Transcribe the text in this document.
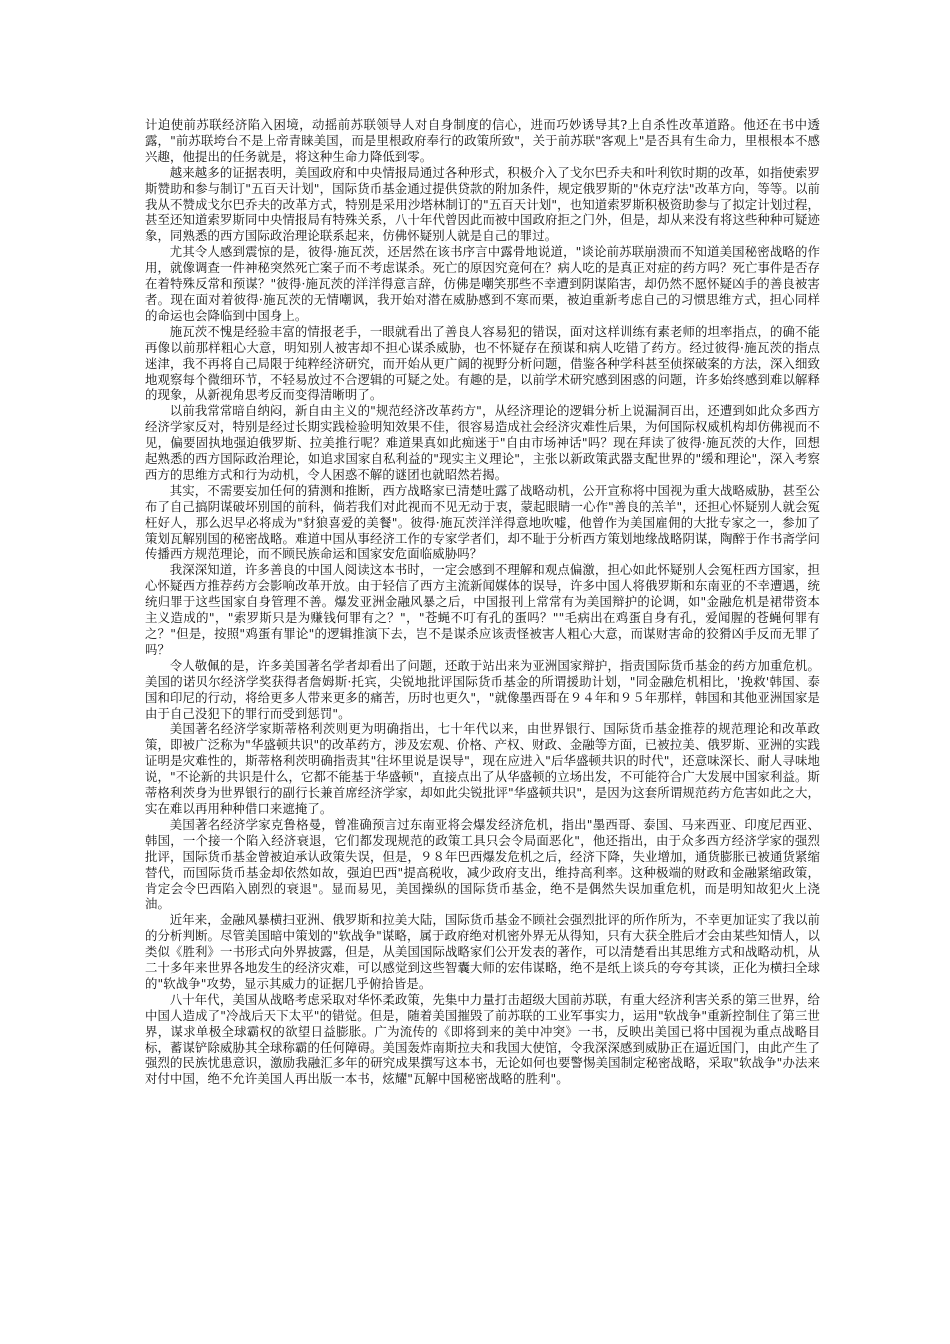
计迫使前苏联经济陷入困境，动摇前苏联领导人对自身制度的信心，进而巧妙诱导其?上自杀性改革道路。他还在书中透露，"前苏联垮台不是上帝青睐美国，而是里根政府奉行的政策所致"，关于前苏联"客观上"是否具有生命力，里根根本不感兴趣，他提出的任务就是，将这种生命力降低到零。

越来越多的证据表明，美国政府和中央情报局通过各种形式，积极介入了戈尔巴乔夫和叶利钦时期的改革，如指使索罗斯赞助和参与制订"五百天计划"，国际货币基金通过提供贷款的附加条件，规定俄罗斯的"休克疗法"改革方向，等等。以前我从不赞成戈尔巴乔夫的改革方式，特别是采用沙塔林制订的"五百天计划"，也知道索罗斯积极资助参与了拟定计划过程，甚至还知道索罗斯同中央情报局有特殊关系，八十年代曾因此而被中国政府拒之门外，但是，却从来没有将这些种种可疑迹象，同熟悉的西方国际政治理论联系起来，仿佛怀疑别人就是自己的罪过。

尤其令人感到震惊的是，彼得·施瓦茨，还居然在该书序言中露骨地说道，"谈论前苏联崩溃而不知道美国秘密战略的作用，就像调查一件神秘突然死亡案子而不考虑谋杀。死亡的原因究竟何在？病人吃的是真正对症的药方吗？死亡事件是否存在着特殊反常和预谋？"彼得·施瓦茨的洋洋得意言辞，仿佛是嘲笑那些不幸遭到阴谋陷害，却仍然不愿怀疑凶手的善良被害者。现在面对着彼得·施瓦茨的无情嘲讽，我开始对潜在威胁感到不寒而栗，被迫重新考虑自己的习惯思维方式，担心同样的命运也会降临到中国身上。

施瓦茨不愧是经验丰富的情报老手，一眼就看出了善良人容易犯的错误，面对这样训练有素老师的坦率指点，的确不能再像以前那样粗心大意，明知别人被害却不担心谋杀威胁，也不怀疑存在预谋和病人吃错了药方。经过彼得·施瓦茨的指点迷津，我不再将自己局限于纯粹经济研究，而开始从更广阔的视野分析问题，借鉴各种学科甚至侦探破案的方法，深入细致地观察每个微细环节，不轻易放过不合逻辑的可疑之处。有趣的是，以前学术研究感到困惑的问题，许多始终感到难以解释的现象，从新视角思考反而变得清晰明了。

以前我常常暗自纳闷，新自由主义的"规范经济改革药方"，从经济理论的逻辑分析上说漏洞百出，还遭到如此众多西方经济学家反对，特别是经过长期实践检验明知效果不佳，很容易造成社会经济灾难性后果，为何国际权威机构却仿佛视而不见，偏要固执地强迫俄罗斯、拉美推行呢？难道果真如此痴迷于"自由市场神话"吗？现在拜读了彼得·施瓦茨的大作，回想起熟悉的西方国际政治理论，如追求国家自私利益的"现实主义理论"，主张以新政策武器支配世界的"缓和理论"，深入考察西方的思维方式和行为动机，令人困惑不解的谜团也就昭然若揭。

其实，不需要妄加任何的猜测和推断，西方战略家已清楚吐露了战略动机，公开宣称将中国视为重大战略威胁，甚至公布了自己搞阴谋破坏别国的前科，倘若我们对此视而不见无动于衷，蒙起眼睛一心作"善良的羔羊"，还担心怀疑别人就会冤枉好人，那么迟早必将成为"豺狼喜爱的美餐"。彼得·施瓦茨洋洋得意地吹嘘，他曾作为美国雇佣的大批专家之一，参加了策划瓦解别国的秘密战略。难道中国从事经济工作的专家学者们，却不耻于分析西方策划地缘战略阴谋，陶醉于作书斋学问传播西方规范理论，而不顾民族命运和国家安危面临威胁吗？

我深深知道，许多善良的中国人阅读这本书时，一定会感到不理解和观点偏激，担心如此怀疑别人会冤枉西方国家，担心怀疑西方推荐药方会影响改革开放。由于轻信了西方主流新闻媒体的误导，许多中国人将俄罗斯和东南亚的不幸遭遇，统统归罪于这些国家自身管理不善。爆发亚洲金融风暴之后，中国报刊上常常有为美国辩护的论调，如"金融危机是裙带资本主义造成的"，"索罗斯只是为赚钱何罪有之？"，"苍蝇不叮有孔的蛋吗？""毛病出在鸡蛋自身有孔，爱闻腥的苍蝇何罪有之？"但是，按照"鸡蛋有罪论"的逻辑推演下去，岂不是谋杀应该责怪被害人粗心大意，而谋财害命的狡猾凶手反而无罪了吗？

令人敬佩的是，许多美国著名学者却看出了问题，还敢于站出来为亚洲国家辩护，指责国际货币基金的药方加重危机。美国的诺贝尔经济学奖获得者詹姆斯·托宾，尖锐地批评国际货币基金的所谓援助计划，"同金融危机相比，'挽救'韩国、泰国和印尼的行动，将给更多人带来更多的痛苦，历时也更久"，"就像墨西哥在９４年和９５年那样，韩国和其他亚洲国家是由于自己没犯下的罪行而受到惩罚"。

美国著名经济学家斯蒂格利茨则更为明确指出，七十年代以来，由世界银行、国际货币基金推荐的规范理论和改革政策，即被广泛称为"华盛顿共识"的改革药方，涉及宏观、价格、产权、财政、金融等方面，已被拉美、俄罗斯、亚洲的实践证明是灾难性的，斯蒂格利茨明确指责其"往坏里说是误导"，现在应进入"后华盛顿共识的时代"，还意味深长、耐人寻味地说，"不论新的共识是什么，它都不能基于华盛顿"，直接点出了从华盛顿的立场出发，不可能符合广大发展中国家利益。斯蒂格利茨身为世界银行的副行长兼首席经济学家，却如此尖锐批评"华盛顿共识"，是因为这套所谓规范药方危害如此之大，实在难以再用种种借口来遮掩了。

美国著名经济学家克鲁格曼，曾准确预言过东南亚将会爆发经济危机，指出"墨西哥、泰国、马来西亚、印度尼西亚、韩国，一个接一个陷入经济衰退，它们都发现规范的政策工具只会令局面恶化"，他还指出，由于众多西方经济学家的强烈批评，国际货币基金曾被迫承认政策失误，但是，９８年巴西爆发危机之后，经济下降，失业增加，通货膨胀已被通货紧缩替代，而国际货币基金却依然如故，强迫巴西"提高税收，减少政府支出，维持高利率。这种极端的财政和金融紧缩政策，肯定会令巴西陷入剧烈的衰退"。显而易见，美国操纵的国际货币基金，绝不是偶然失误加重危机，而是明知故犯火上浇油。

近年来，金融风暴横扫亚洲、俄罗斯和拉美大陆，国际货币基金不顾社会强烈批评的所作所为，不幸更加证实了我以前的分析判断。尽管美国暗中策划的"软战争"谋略，属于政府绝对机密外界无从得知，只有大获全胜后才会由某些知情人，以类似《胜利》一书形式向外界披露，但是，从美国国际战略家们公开发表的著作，可以清楚看出其思维方式和战略动机，从二十多年来世界各地发生的经济灾难，可以感觉到这些智囊大师的宏伟谋略，绝不是纸上谈兵的夸夸其谈，正化为横扫全球的"软战争"攻势，显示其威力的证据几乎俯拾皆是。

八十年代，美国从战略考虑采取对华怀柔政策，先集中力量打击超级大国前苏联，有重大经济利害关系的第三世界，给中国人造成了"冷战后天下太平"的错觉。但是，随着美国摧毁了前苏联的工业军事实力，运用"软战争"重新控制住了第三世界，谋求单极全球霸权的欲望日益膨胀。广为流传的《即将到来的美中冲突》一书，反映出美国已将中国视为重点战略目标，蓄谋铲除威胁其全球称霸的任何障碍。美国轰炸南斯拉夫和我国大使馆，令我深深感到威胁正在逼近国门，由此产生了强烈的民族忧患意识，激励我融汇多年的研究成果撰写这本书，无论如何也要警惕美国制定秘密战略，采取"软战争"办法来对付中国，绝不允许美国人再出版一本书，炫耀"瓦解中国秘密战略的胜利"。
